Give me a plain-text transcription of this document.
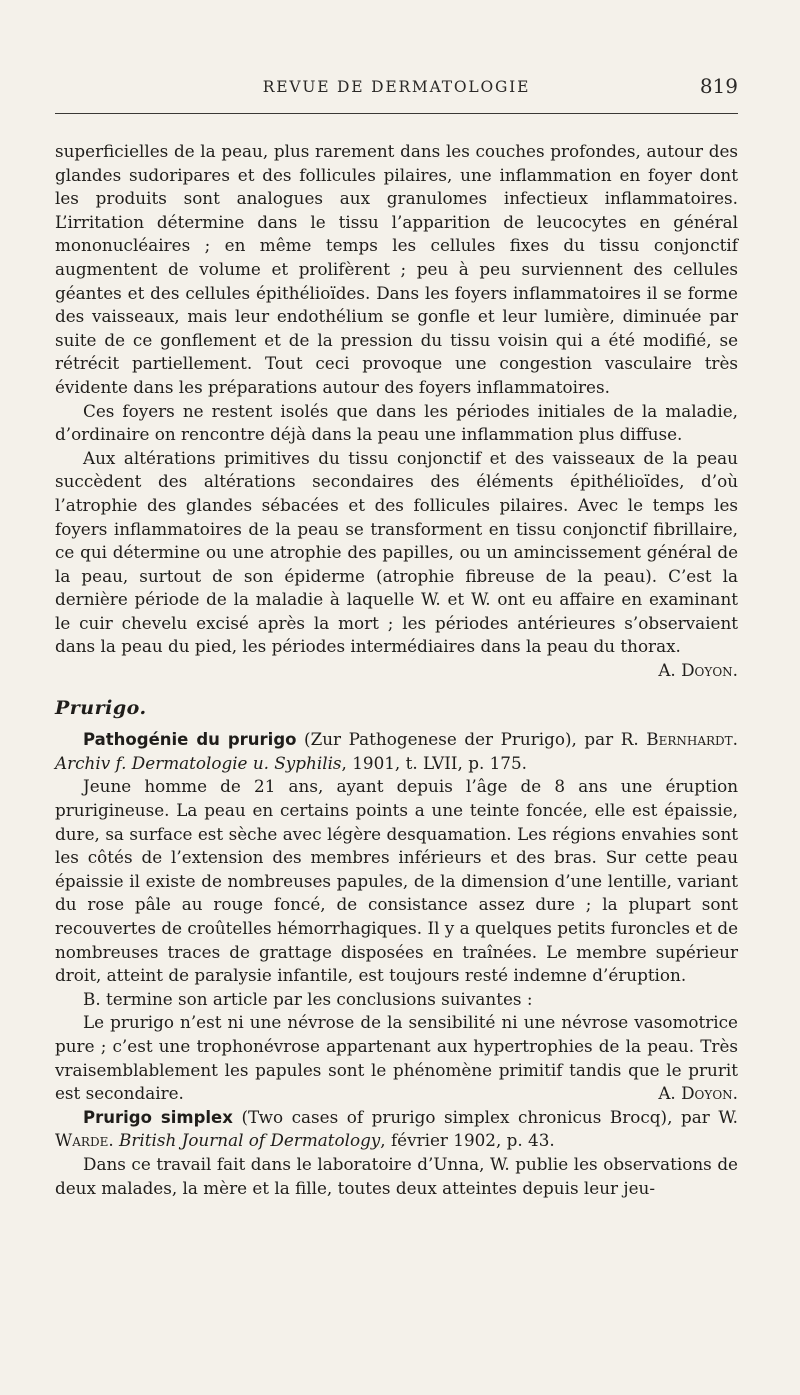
REVUE DE DERMATOLOGIE	819

superficielles de la peau, plus rarement dans les couches profondes, autour des glandes sudoripares et des follicules pilaires, une inflammation en foyer dont les produits sont analogues aux granulomes infectieux inflammatoires. L’irritation détermine dans le tissu l’apparition de leucocytes en général mononucléaires ; en même temps les cellules fixes du tissu conjonctif augmentent de volume et prolifèrent ; peu à peu surviennent des cellules géantes et des cellules épithélioïdes. Dans les foyers inflammatoires il se forme des vaisseaux, mais leur endothélium se gonfle et leur lumière, diminuée par suite de ce gonflement et de la pression du tissu voisin qui a été modifié, se rétrécit partiellement. Tout ceci provoque une congestion vasculaire très évidente dans les préparations autour des foyers inflammatoires.

Ces foyers ne restent isolés que dans les périodes initiales de la maladie, d’ordinaire on rencontre déjà dans la peau une inflammation plus diffuse.

Aux altérations primitives du tissu conjonctif et des vaisseaux de la peau succèdent des altérations secondaires des éléments épithélioïdes, d’où l’atrophie des glandes sébacées et des follicules pilaires. Avec le temps les foyers inflammatoires de la peau se transforment en tissu conjonctif fibrillaire, ce qui détermine ou une atrophie des papilles, ou un amincissement général de la peau, surtout de son épiderme (atrophie fibreuse de la peau). C’est la dernière période de la maladie à laquelle W. et W. ont eu affaire en examinant le cuir chevelu excisé après la mort ; les périodes antérieures s’observaient dans la peau du pied, les périodes intermédiaires dans la peau du thorax.
A. Doyon.

Prurigo.

Pathogénie du prurigo (Zur Pathogenese der Prurigo), par R. Bernhardt. Archiv f. Dermatologie u. Syphilis, 1901, t. LVII, p. 175.

Jeune homme de 21 ans, ayant depuis l’âge de 8 ans une éruption prurigineuse. La peau en certains points a une teinte foncée, elle est épaissie, dure, sa surface est sèche avec légère desquamation. Les régions envahies sont les côtés de l’extension des membres inférieurs et des bras. Sur cette peau épaissie il existe de nombreuses papules, de la dimension d’une lentille, variant du rose pâle au rouge foncé, de consistance assez dure ; la plupart sont recouvertes de croûtelles hémorrhagiques. Il y a quelques petits furoncles et de nombreuses traces de grattage disposées en traînées. Le membre supérieur droit, atteint de paralysie infantile, est toujours resté indemne d’éruption.

B. termine son article par les conclusions suivantes :

Le prurigo n’est ni une névrose de la sensibilité ni une névrose vasomotrice pure ; c’est une trophonévrose appartenant aux hypertrophies de la peau. Très vraisemblablement les papules sont le phénomène primitif tandis que le prurit est secondaire.	A. Doyon.

Prurigo simplex (Two cases of prurigo simplex chronicus Brocq), par W. Warde. British Journal of Dermatology, février 1902, p. 43.

Dans ce travail fait dans le laboratoire d’Unna, W. publie les observations de deux malades, la mère et la fille, toutes deux atteintes depuis leur jeu-
